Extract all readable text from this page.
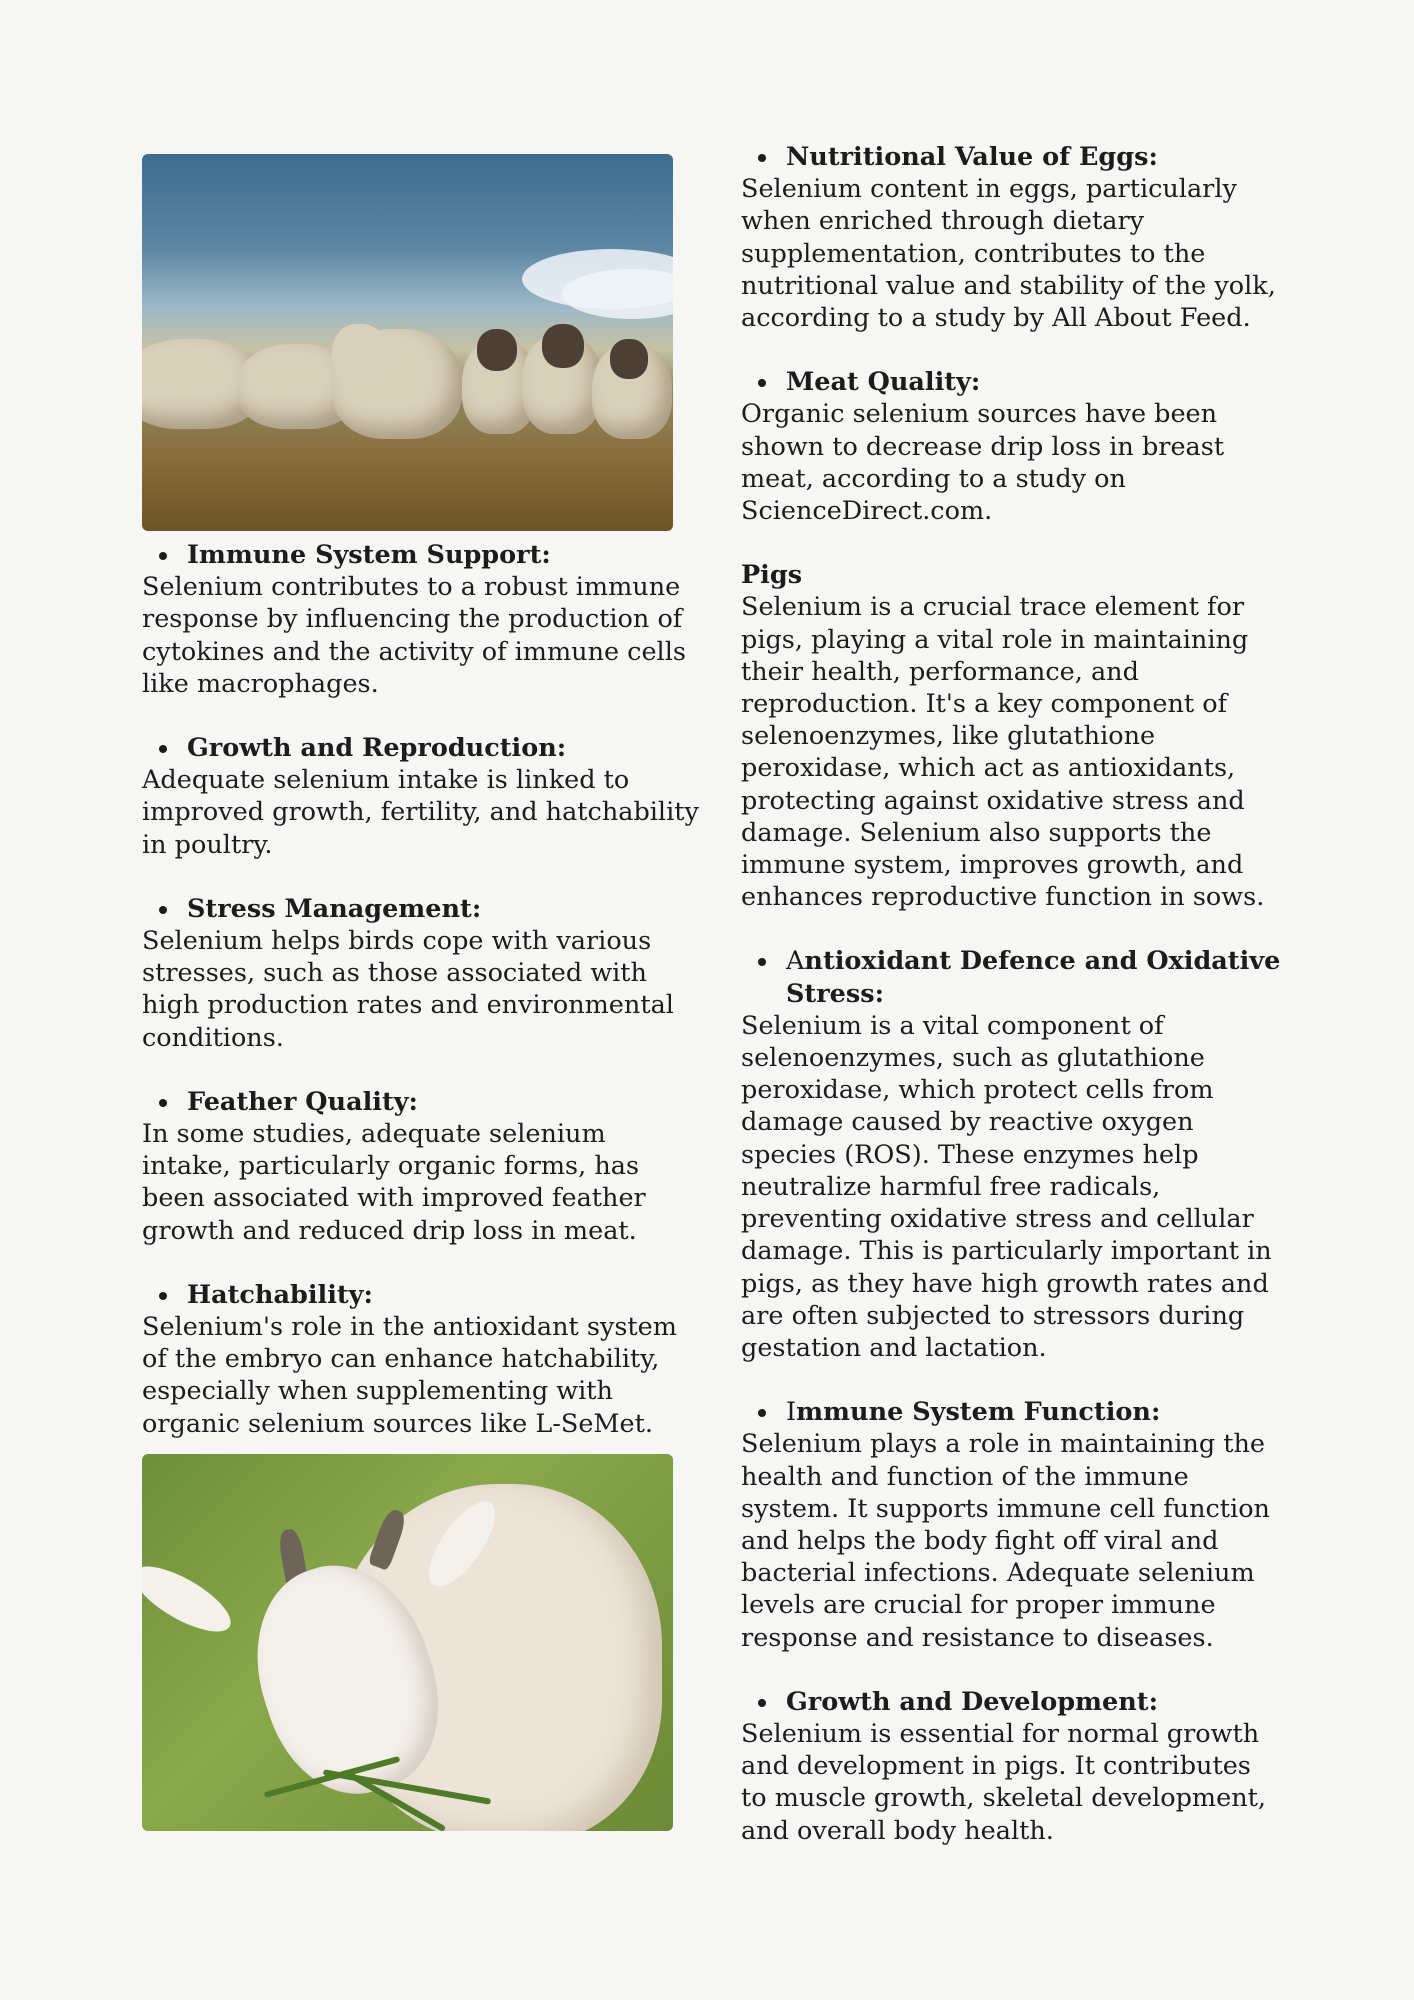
Immune System Support:

Selenium contributes to a robust immune response by influencing the production of cytokines and the activity of immune cells like macrophages.

Growth and Reproduction:

Adequate selenium intake is linked to improved growth, fertility, and hatchability in poultry.

Stress Management:

Selenium helps birds cope with various stresses, such as those associated with high production rates and environmental conditions.

Feather Quality:

In some studies, adequate selenium intake, particularly organic forms, has been associated with improved feather growth and reduced drip loss in meat.

Hatchability:

Selenium's role in the antioxidant system of the embryo can enhance hatchability, especially when supplementing with organic selenium sources like L-SeMet.

Nutritional Value of Eggs:

Selenium content in eggs, particularly when enriched through dietary supplementation, contributes to the nutritional value and stability of the yolk, according to a study by All About Feed.

Meat Quality:

Organic selenium sources have been shown to decrease drip loss in breast meat, according to a study on ScienceDirect.com.

Pigs

Selenium is a crucial trace element for pigs, playing a vital role in maintaining their health, performance, and reproduction. It's a key component of selenoenzymes, like glutathione peroxidase, which act as antioxidants, protecting against oxidative stress and damage. Selenium also supports the immune system, improves growth, and enhances reproductive function in sows.

Antioxidant Defence and Oxidative Stress:

Selenium is a vital component of selenoenzymes, such as glutathione peroxidase, which protect cells from damage caused by reactive oxygen species (ROS). These enzymes help neutralize harmful free radicals, preventing oxidative stress and cellular damage. This is particularly important in pigs, as they have high growth rates and are often subjected to stressors during gestation and lactation.

Immune System Function:

Selenium plays a role in maintaining the health and function of the immune system. It supports immune cell function and helps the body fight off viral and bacterial infections. Adequate selenium levels are crucial for proper immune response and resistance to diseases.

Growth and Development:

Selenium is essential for normal growth and development in pigs. It contributes to muscle growth, skeletal development, and overall body health.
